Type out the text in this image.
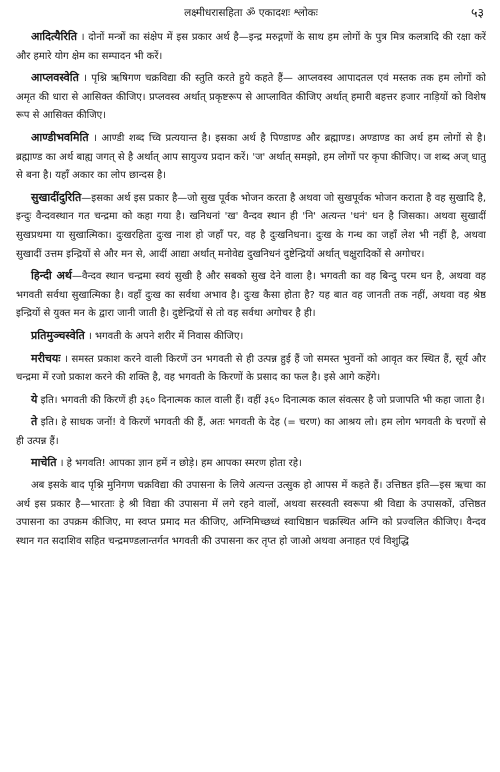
लक्ष्मीधरासहिता ॐ एकादशः श्लोकः	५३

आदित्यैरिति । दोनों मन्त्रों का संक्षेप में इस प्रकार अर्थ है—इन्द्र मरुद्गणों के साथ हम लोगों के पुत्र मित्र कलत्रादि की रक्षा करें और हमारे योग क्षेम का सम्पादन भी करें।

आप्लवस्वेति । पृश्नि ऋषिगण चक्रविद्या की स्तुति करते हुये कहते हैं— आप्लवस्व आपादतल एवं मस्तक तक हम लोगों को अमृत की धारा से आसिक्त कीजिए। प्रप्लवस्व अर्थात् प्रकृष्टरूप से आप्लावित कीजिए अर्थात् हमारी बहत्तर हजार नाड़ियों को विशेष रूप से आसिक्त कीजिए।

आण्डीभवमिति । आण्डी शब्द च्वि प्रत्ययान्त है। इसका अर्थ है पिण्डाण्ड और ब्रह्माण्ड। अण्डाण्ड का अर्थ हम लोगों से है। ब्रह्माण्ड का अर्थ बाह्य जगत् से है अर्थात् आप सायुज्य प्रदान करें। 'ज' अर्थात् समझो, हम लोगों पर कृपा कीजिए। ज शब्द अज् धातु से बना है। यहाँ अकार का लोप छान्दस है।

सुखादींदुरिति—इसका अर्थ इस प्रकार है—जो सुख पूर्वक भोजन करता है अथवा जो सुखपूर्वक भोजन कराता है वह सुखादि है, इन्दुः वैन्दवस्थान गत चन्द्रमा को कहा गया है। खनिधनां 'ख' वैन्दव स्थान ही 'नि' अत्यन्त 'धनं' धन है जिसका। अथवा सुखादीं सुखप्रथमा या सुखात्मिका। दुःखरहिता दुःख नाश हो जहाँ पर, वह है दुःखनिधना। दुःख के गन्ध का जहाँ लेश भी नहीं है, अथवा सुखादीं उत्तम इन्द्रियों से और मन से, आदीं आद्या अर्थात् मनोवेद्य दुखनिधनं दुष्टेन्द्रियों अर्थात् चक्षुरादिकों से अगोचर।

हिन्दी अर्थ—वैन्दव स्थान चन्द्रमा स्वयं सुखी है और सबको सुख देने वाला है। भगवती का वह बिन्दु परम धन है, अथवा वह भगवती सर्वथा सुखात्मिका है। वहाँ दुःख का सर्वथा अभाव है। दुःख कैसा होता है? यह बात वह जानती तक नहीं, अथवा वह श्रेष्ठ इन्द्रियों से युक्त मन के द्वारा जानी जाती है। दुष्टेन्द्रियों से तो वह सर्वथा अगोचर है ही।

प्रतिमुञ्चस्वेति । भगवती के अपने शरीर में निवास कीजिए।

मरीचयः । समस्त प्रकाश करने वाली किरणें उन भगवती से ही उत्पन्न हुई हैं जो समस्त भुवनों को आवृत कर स्थित हैं, सूर्य और चन्द्रमा में रजो प्रकाश करने की शक्ति है, वह भगवती के किरणों के प्रसाद का फल है। इसे आगे कहेंगे।

ये इति। भगवती की किरणें ही ३६० दिनात्मक काल वाली हैं। वहीं ३६० दिनात्मक काल संवत्सर है जो प्रजापति भी कहा जाता है।

ते इति। हे साधक जनों! वे किरणें भगवती की हैं, अतः भगवती के देह (= चरण) का आश्रय लो। हम लोग भगवती के चरणों से ही उत्पन्न हैं।

माचेति । हे भगवति! आपका ज्ञान हमें न छोड़े। हम आपका स्मरण होता रहे।

अब इसके बाद पृश्नि मुनिगण चक्रविद्या की उपासना के लिये अत्यन्त उत्सुक हो आपस में कहते हैं। उत्तिष्ठत इति—इस ऋचा का अर्थ इस प्रकार है—भारताः हे श्री विद्या की उपासना में लगे रहने वालों, अथवा सरस्वती स्वरूपा श्री विद्या के उपासकों, उत्तिष्ठत उपासना का उपक्रम कीजिए, मा स्वप्त प्रमाद मत कीजिए, अग्निमिच्छध्वं स्वाधिष्ठान चक्रस्थित अग्नि को प्रज्वलित कीजिए। वैन्दव स्थान गत सदाशिव सहित चन्द्रमण्डलान्तर्गत भगवती की उपासना कर तृप्त हो जाओ अथवा अनाहत एवं विशुद्धि
